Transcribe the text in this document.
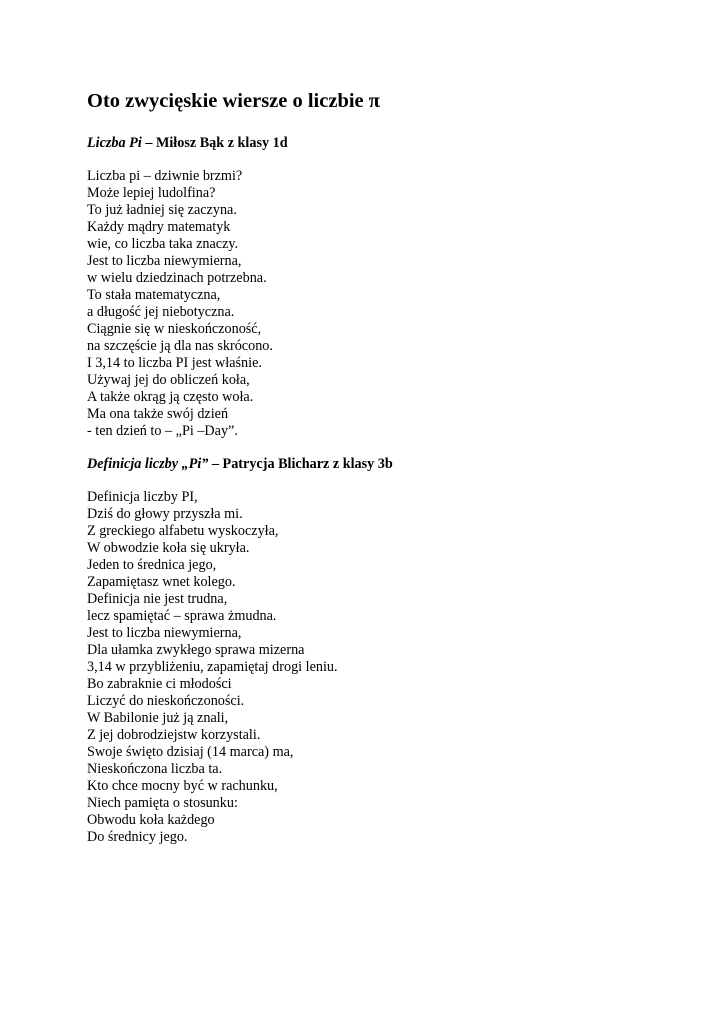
Oto zwycięskie wiersze o liczbie π

Liczba Pi – Miłosz Bąk z klasy 1d

Liczba pi – dziwnie brzmi?
Może lepiej ludolfina?
To już ładniej się zaczyna.
Każdy mądry matematyk
wie, co liczba taka znaczy.
Jest to liczba niewymierna,
w wielu dziedzinach potrzebna.
To stała matematyczna,
a długość jej niebotyczna.
Ciągnie się w nieskończoność,
na szczęście ją dla nas skrócono.
I 3,14 to liczba PI jest właśnie.
Używaj jej do obliczeń koła,
A także okrąg ją często woła.
Ma ona także swój dzień
- ten dzień to – „Pi –Day”.

Definicja liczby „Pi” – Patrycja Blicharz z klasy 3b

Definicja liczby PI,
Dziś do głowy przyszła mi.
Z greckiego alfabetu wyskoczyła,
W obwodzie koła się ukryła.
Jeden to średnica jego,
Zapamiętasz wnet kolego.
Definicja nie jest trudna,
lecz spamiętać – sprawa żmudna.
Jest to liczba niewymierna,
Dla ułamka zwykłego sprawa mizerna
3,14 w przybliżeniu, zapamiętaj drogi leniu.
Bo zabraknie ci młodości
Liczyć do nieskończoności.
W Babilonie już ją znali,
Z jej dobrodziejstw korzystali.
Swoje święto dzisiaj (14 marca) ma,
Nieskończona liczba ta.
Kto chce mocny być w rachunku,
Niech pamięta o stosunku:
Obwodu koła każdego
Do średnicy jego.
